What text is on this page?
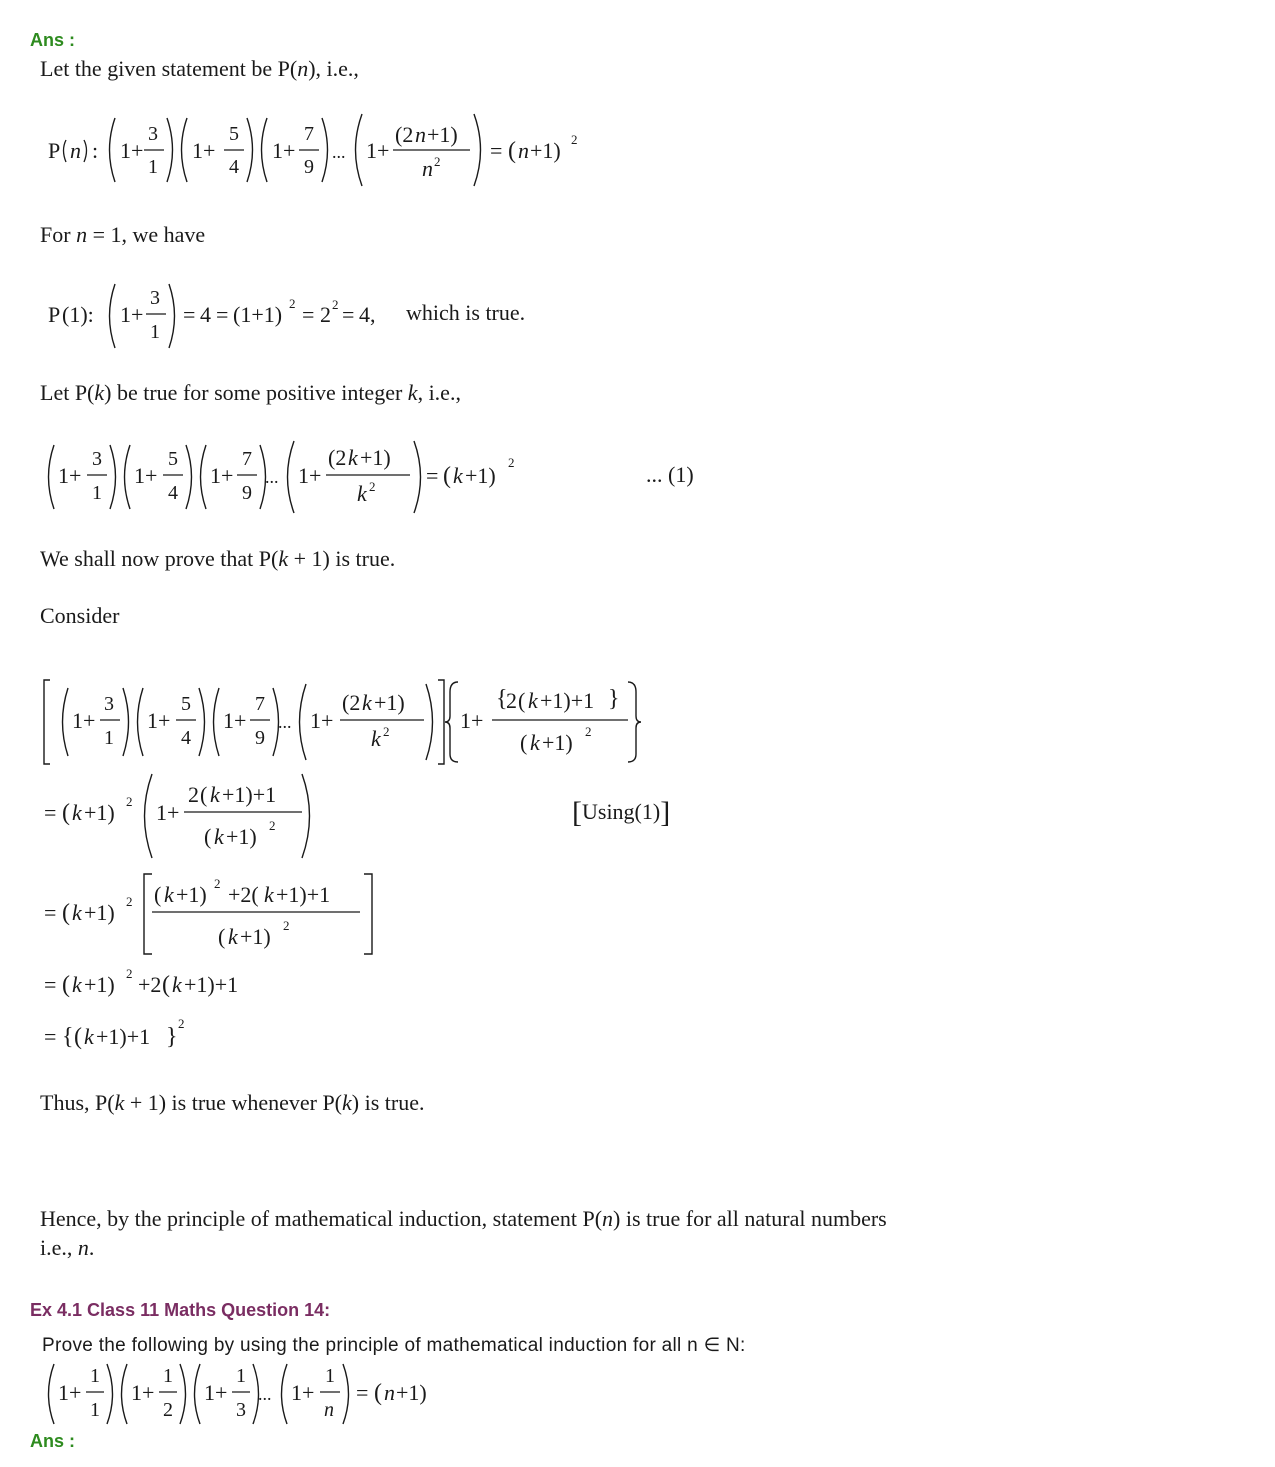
Ans :
Let the given statement be P(n), i.e.,
P n : 1+
3
1
1+
5
4
1+
7
9
... 1+
(2 n +1)
n 2 = ( n +1) 2
For n = 1, we have
P (1): 1+
3
1
= 4 = (1+1) 2 = 2 2 = 4, which is true.
Let P(k) be true for some positive integer k, i.e.,
1+
3
1
1+
5
4
1+
7
9
... 1+
(2 k +1)
k 2 = ( k +1)
2	... (1)
We shall now prove that P(k + 1) is true.
Consider
1+
3
1
1+
5
4
1+
7
9
... 1+
(2 k +1)
k 2	1+
{
2 ( k +1)+1 }
( k +1) 2
= ( k +1) 2 1+
2 ( k +1)+1
( k +1) 2	[Using(1)]
= ( k +1) 2 ( k +1) 2 +2( k +1)+1
( k +1) 2
= ( k +1) 2 +2 ( k +1)+1
= { ( k +1)+1 }
2
Thus, P(k + 1) is true whenever P(k) is true.
Hence, by the principle of mathematical induction, statement P(n) is true for all natural numbers
i.e., n.
Ex 4.1 Class 11 Maths Question 14:
Prove the following by using the principle of mathematical induction for all n ∈ N:
1+
1
1
1+
1
2
1+
1
3
... 1+
1
n
= ( n +1)
Ans :
